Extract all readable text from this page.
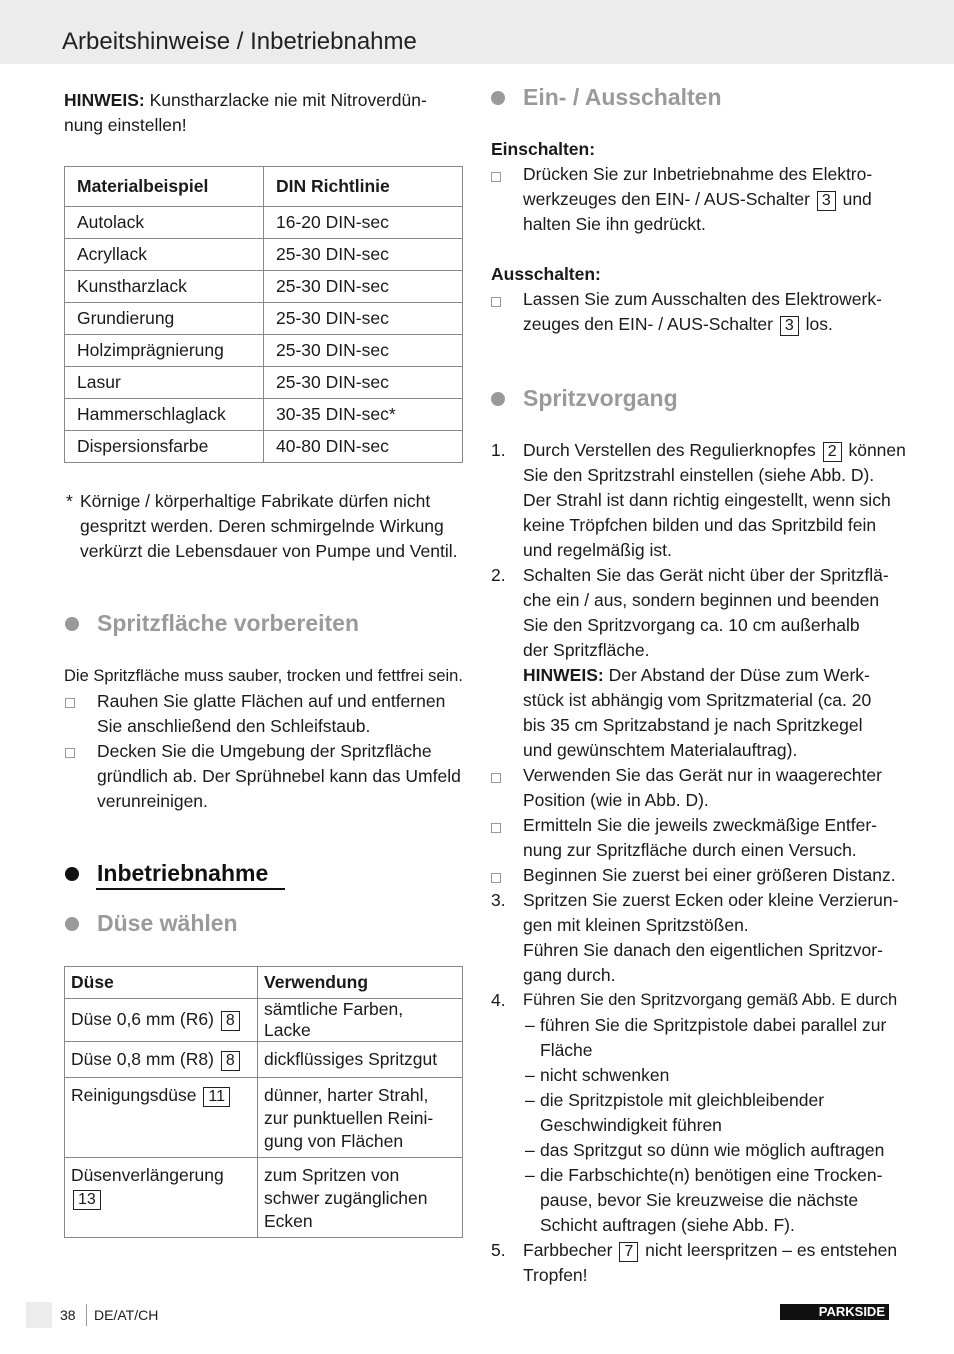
Arbeitshinweise / Inbetriebnahme
HINWEIS: Kunstharzlacke nie mit Nitroverdün-
nung einstellen!
Materialbeispiel	DIN Richtlinie
Autolack	16-20 DIN-sec
Acryllack	25-30 DIN-sec
Kunstharzlack	25-30 DIN-sec
Grundierung	25-30 DIN-sec
Holzimprägnierung	25-30 DIN-sec
Lasur	25-30 DIN-sec
Hammerschlaglack	30-35 DIN-sec*
Dispersionsfarbe	40-80 DIN-sec
* Körnige / körperhaltige Fabrikate dürfen nicht
gespritzt werden. Deren schmirgelnde Wirkung
verkürzt die Lebensdauer von Pumpe und Ventil.
Spritzfläche vorbereiten
Die Spritzfläche muss sauber, trocken und fettfrei sein.
Rauhen Sie glatte Flächen auf und entfernen
Sie anschließend den Schleifstaub.
Decken Sie die Umgebung der Spritzfläche
gründlich ab. Der Sprühnebel kann das Umfeld
verunreinigen.
Inbetriebnahme
Düse wählen
Düse	Verwendung
Düse 0,6 mm (R6) 8	sämtliche Farben, Lacke
Düse 0,8 mm (R8) 8	dickflüssiges Spritzgut
Reinigungsdüse 11	dünner, harter Strahl,
zur punktuellen Reini-
gung von Flächen

Düsenverlängerung 13	zum Spritzen von
schwer zugänglichen
Ecken
Ein- / Ausschalten
Einschalten:
Drücken Sie zur Inbetriebnahme des Elektro-
werkzeuges den EIN- / AUS-Schalter 3 und
halten Sie ihn gedrückt.
Ausschalten:
Lassen Sie zum Ausschalten des Elektrowerk-
zeuges den EIN- / AUS-Schalter 3 los.
Spritzvorgang
1. Durch Verstellen des Regulierknopfes 2 können
Sie den Spritzstrahl einstellen (siehe Abb. D).
Der Strahl ist dann richtig eingestellt, wenn sich
keine Tröpfchen bilden und das Spritzbild fein
und regelmäßig ist.
2. Schalten Sie das Gerät nicht über der Spritzflä-
che ein / aus, sondern beginnen und beenden
Sie den Spritzvorgang ca. 10 cm außerhalb
der Spritzfläche.
HINWEIS: Der Abstand der Düse zum Werk-
stück ist abhängig vom Spritzmaterial (ca. 20
bis 35 cm Spritzabstand je nach Spritzkegel
und gewünschtem Materialauftrag).
Verwenden Sie das Gerät nur in waagerechter
Position (wie in Abb. D).
Ermitteln Sie die jeweils zweckmäßige Entfer-
nung zur Spritzfläche durch einen Versuch.
Beginnen Sie zuerst bei einer größeren Distanz.
3. Spritzen Sie zuerst Ecken oder kleine Verzierun-
gen mit kleinen Spritzstößen.
Führen Sie danach den eigentlichen Spritzvor-
gang durch.
4. Führen Sie den Spritzvorgang gemäß Abb. E durch
– führen Sie die Spritzpistole dabei parallel zur
Fläche
– nicht schwenken
– die Spritzpistole mit gleichbleibender
Geschwindigkeit führen
– das Spritzgut so dünn wie möglich auftragen
– die Farbschichte(n) benötigen eine Trocken-
pause, bevor Sie kreuzweise die nächste
Schicht auftragen (siehe Abb. F).
5. Farbbecher 7 nicht leerspritzen – es entstehen
Tropfen!
38 DE/AT/CH	PARKSIDE
